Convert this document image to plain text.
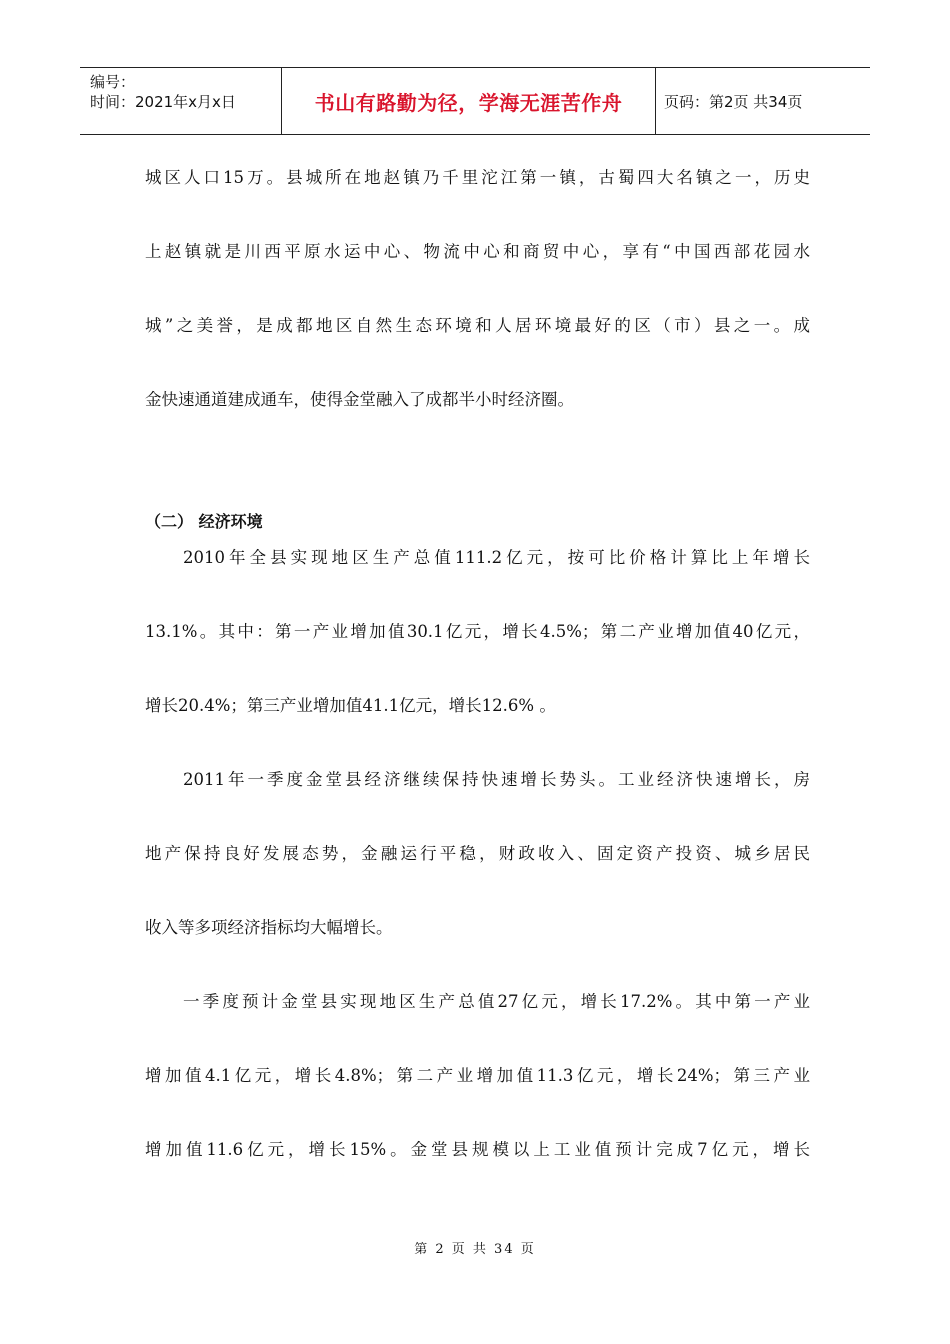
编号：
时间：2021年x月x日	书山有路勤为径，学海无涯苦作舟	页码：第2页 共34页
城区人口15万。县城所在地赵镇乃千里沱江第一镇，古蜀四大名镇之一，历史
上赵镇就是川西平原水运中心、物流中心和商贸中心，享有“中国西部花园水
城”之美誉，是成都地区自然生态环境和人居环境最好的区（市）县之一。成
金快速通道建成通车，使得金堂融入了成都半小时经济圈。
（二） 经济环境
2010年全县实现地区生产总值111.2亿元，按可比价格计算比上年增长
13.1%。其中：第一产业增加值30.1亿元，增长4.5%；第二产业增加值40亿元，
增长20.4%；第三产业增加值41.1亿元，增长12.6% 。
2011年一季度金堂县经济继续保持快速增长势头。工业经济快速增长，房
地产保持良好发展态势，金融运行平稳，财政收入、固定资产投资、城乡居民
收入等多项经济指标均大幅增长。
一季度预计金堂县实现地区生产总值27亿元，增长17.2%。其中第一产业
增加值4.1亿元，增长4.8%；第二产业增加值11.3亿元，增长24%；第三产业
增加值11.6亿元，增长15%。金堂县规模以上工业值预计完成7亿元，增长
第 2 页 共 34 页
